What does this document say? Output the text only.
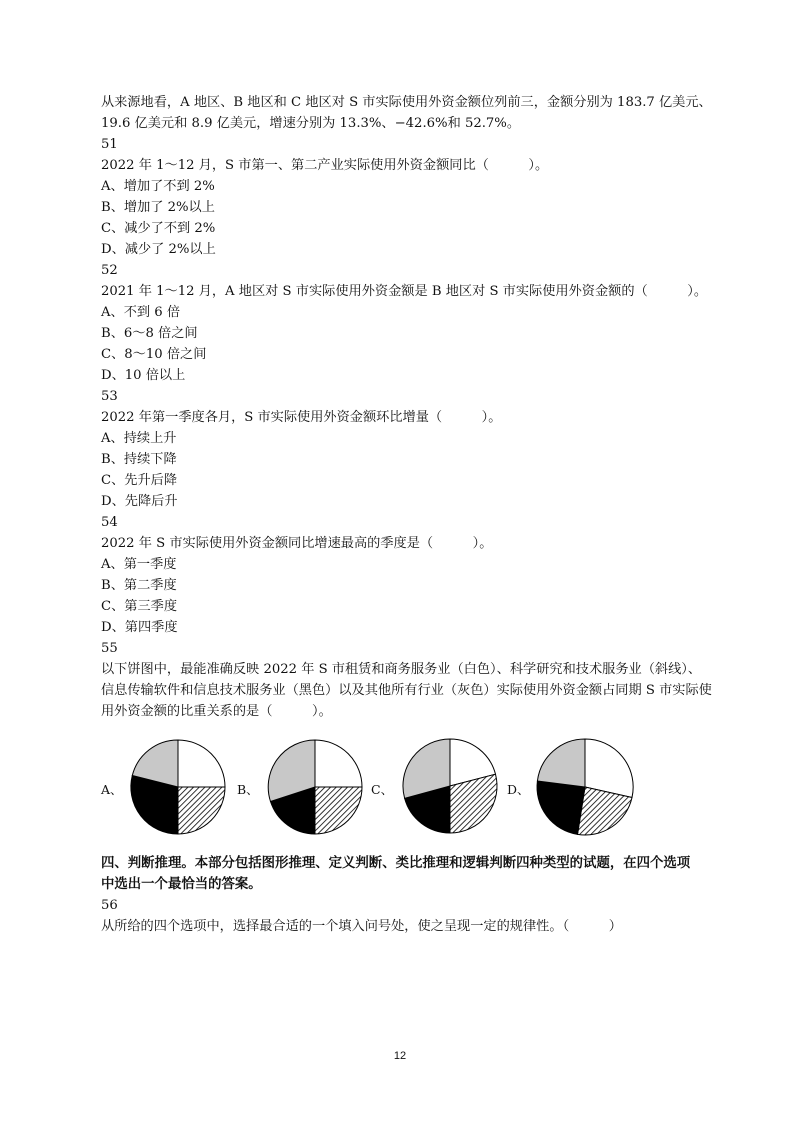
从来源地看，A 地区、B 地区和 C 地区对 S 市实际使用外资金额位列前三，金额分别为 183.7 亿美元、
19.6 亿美元和 8.9 亿美元，增速分别为 13.3%、−42.6%和 52.7%。
51
2022 年 1～12 月，S 市第一、第二产业实际使用外资金额同比（　　　）。
A、增加了不到 2%
B、增加了 2%以上
C、减少了不到 2%
D、减少了 2%以上
52
2021 年 1～12 月，A 地区对 S 市实际使用外资金额是 B 地区对 S 市实际使用外资金额的（　　　）。
A、不到 6 倍
B、6～8 倍之间
C、8～10 倍之间
D、10 倍以上
53
2022 年第一季度各月，S 市实际使用外资金额环比增量（　　　）。
A、持续上升
B、持续下降
C、先升后降
D、先降后升
54
2022 年 S 市实际使用外资金额同比增速最高的季度是（　　　）。
A、第一季度
B、第二季度
C、第三季度
D、第四季度
55
以下饼图中，最能准确反映 2022 年 S 市租赁和商务服务业（白色）、科学研究和技术服务业（斜线）、
信息传输软件和信息技术服务业（黑色）以及其他所有行业（灰色）实际使用外资金额占同期 S 市实际使
用外资金额的比重关系的是（　　　）。
A、	B、	C、	D、
四、判断推理。本部分包括图形推理、定义判断、类比推理和逻辑判断四种类型的试题，在四个选项
中选出一个最恰当的答案。
56
从所给的四个选项中，选择最合适的一个填入问号处，使之呈现一定的规律性。（　　　）
12
